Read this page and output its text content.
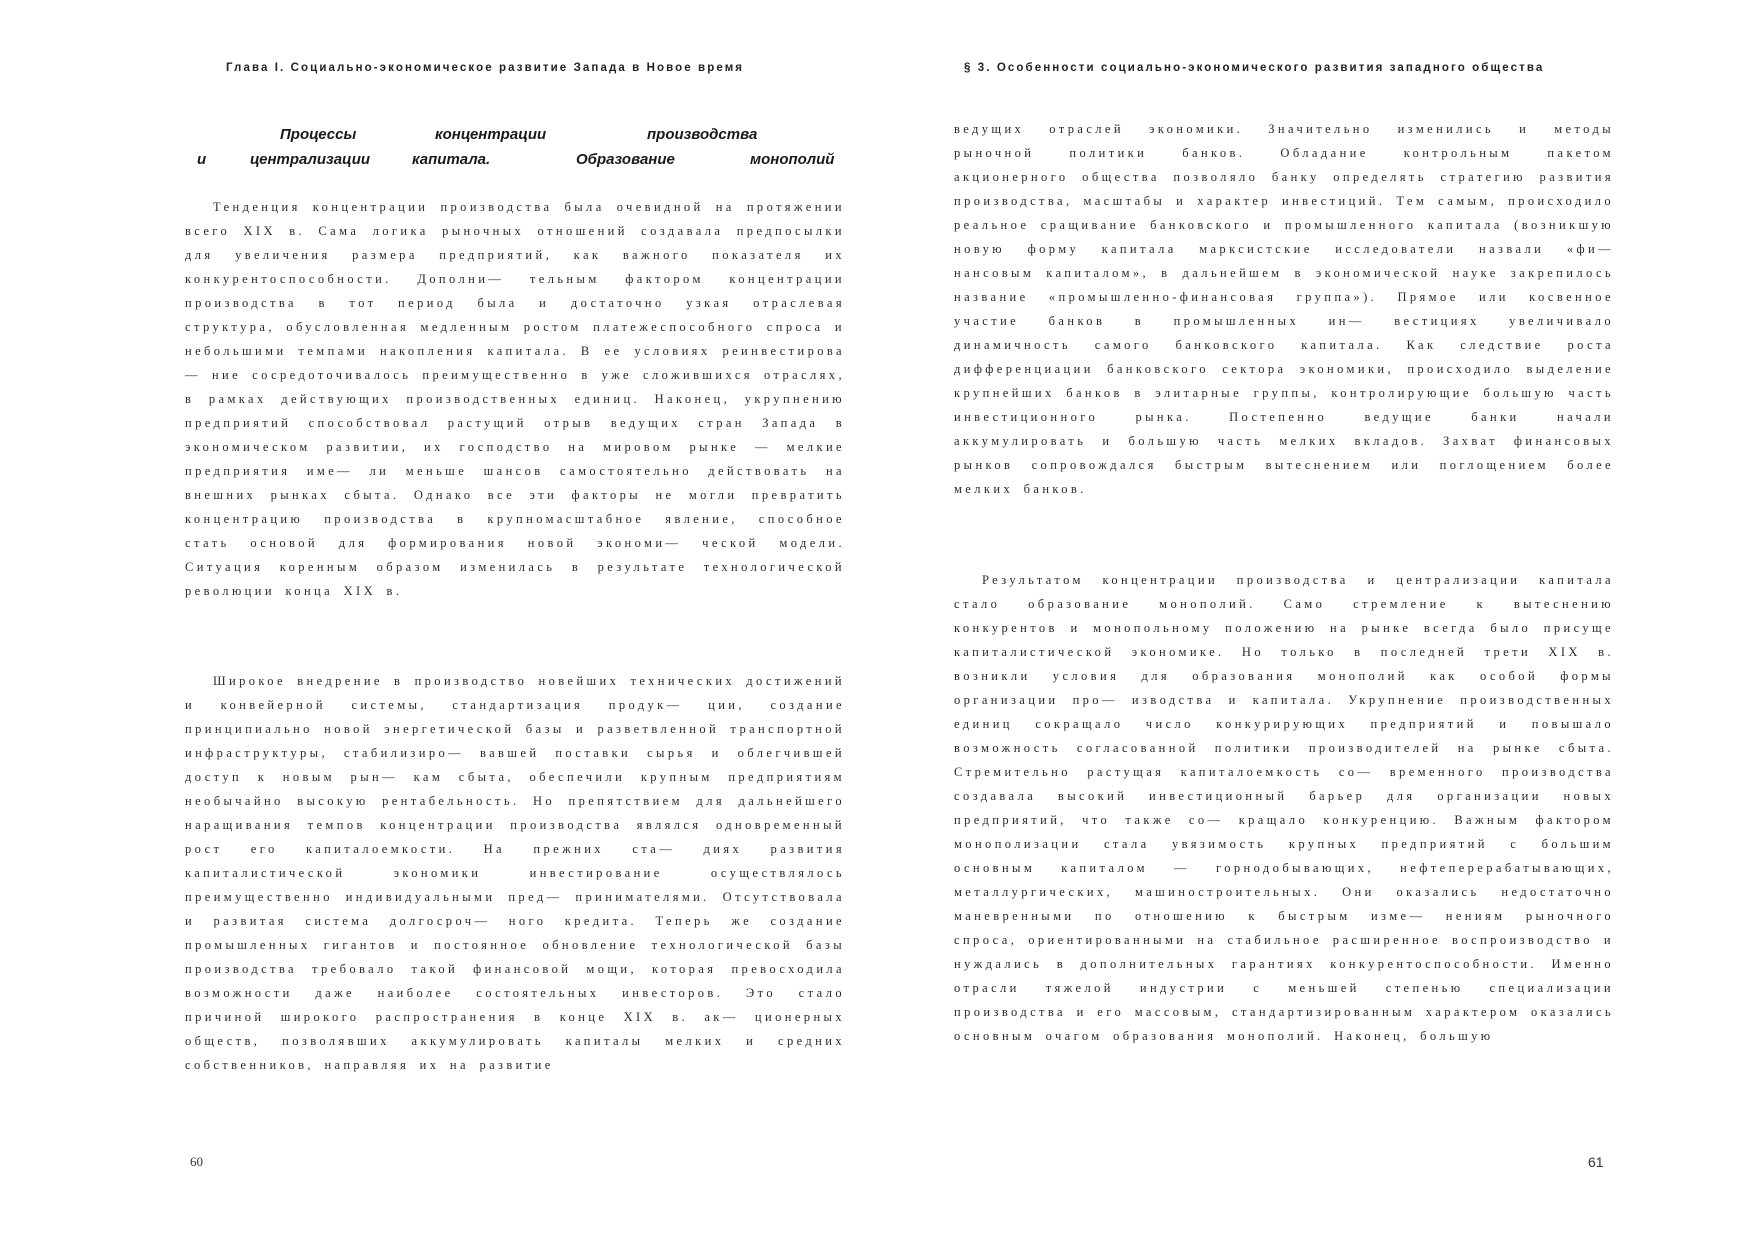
Глава I. Социально-экономическое развитие Запада в Новое время
Процессы	концентрации	производства
и	централизации	капитала.	Образование	монополий

Тенденция концентрации производства была очевидной на протяжении всего XIX в. Сама логика рыночных отношений создавала предпосылки для увеличения размера предприятий, как важного показателя их конкурентоспособности. Дополни— тельным фактором концентрации производства в тот период была и достаточно узкая отраслевая структура, обусловленная медленным ростом платежеспособного спроса и небольшими темпами накопления капитала. В ее условиях реинвестирова— ние сосредоточивалось преимущественно в уже сложившихся отраслях, в рамках действующих производственных единиц. Наконец, укрупнению предприятий способствовал растущий отрыв ведущих стран Запада в экономическом развитии, их господство на мировом рынке — мелкие предприятия име— ли меньше шансов самостоятельно действовать на внешних рынках сбыта. Однако все эти факторы не могли превратить концентрацию производства в крупномасштабное явление, способное стать основой для формирования новой экономи— ческой модели. Ситуация коренным образом изменилась в результате технологической революции конца XIX в.

Широкое внедрение в производство новейших технических достижений и конвейерной системы, стандартизация продук— ции, создание принципиально новой энергетической базы и разветвленной транспортной инфраструктуры, стабилизиро— вавшей поставки сырья и облегчившей доступ к новым рын— кам сбыта, обеспечили крупным предприятиям необычайно высокую рентабельность. Но препятствием для дальнейшего наращивания темпов концентрации производства являлся одновременный рост его капиталоемкости. На прежних ста— диях развития капиталистической экономики инвестирование осуществлялось преимущественно индивидуальными пред— принимателями. Отсутствовала и развитая система долгосроч— ного кредита. Теперь же создание промышленных гигантов и постоянное обновление технологической базы производства требовало такой финансовой мощи, которая превосходила возможности даже наиболее состоятельных инвесторов. Это стало причиной широкого распространения в конце XIX в. ак— ционерных обществ, позволявших аккумулировать капиталы мелких и средних собственников, направляя их на развитие

60
§ 3. Особенности социально-экономического развития западного общества

ведущих отраслей экономики. Значительно изменились и методы рыночной политики банков. Обладание контрольным пакетом акционерного общества позволяло банку определять стратегию развития производства, масштабы и характер инвестиций. Тем самым, происходило реальное сращивание банковского и промышленного капитала (возникшую новую форму капитала марксистские исследователи назвали «фи— нансовым капиталом», в дальнейшем в экономической науке закрепилось название «промышленно-финансовая группа»). Прямое или косвенное участие банков в промышленных ин— вестициях увеличивало динамичность самого банковского капитала. Как следствие роста дифференциации банковского сектора экономики, происходило выделение крупнейших банков в элитарные группы, контролирующие большую часть инвестиционного рынка. Постепенно ведущие банки начали аккумулировать и большую часть мелких вкладов. Захват финансовых рынков сопровождался быстрым вытеснением или поглощением более мелких банков.

Результатом концентрации производства и централизации капитала стало образование монополий. Само стремление к вытеснению конкурентов и монопольному положению на рынке всегда было присуще капиталистической экономике. Но только в последней трети XIX в. возникли условия для образования монополий как особой формы организации про— изводства и капитала. Укрупнение производственных единиц сокращало число конкурирующих предприятий и повышало возможность согласованной политики производителей на рынке сбыта. Стремительно растущая капиталоемкость со— временного производства создавала высокий инвестиционный барьер для организации новых предприятий, что также со— кращало конкуренцию. Важным фактором монополизации стала увязимость крупных предприятий с большим основным капиталом — горнодобывающих, нефтеперерабатывающих, металлургических, машиностроительных. Они оказались недостаточно маневренными по отношению к быстрым изме— нениям рыночного спроса, ориентированными на стабильное расширенное воспроизводство и нуждались в дополнительных гарантиях конкурентоспособности. Именно отрасли тяжелой индустрии с меньшей степенью специализации производства и его массовым, стандартизированным характером оказались основным очагом образования монополий. Наконец, большую

61
